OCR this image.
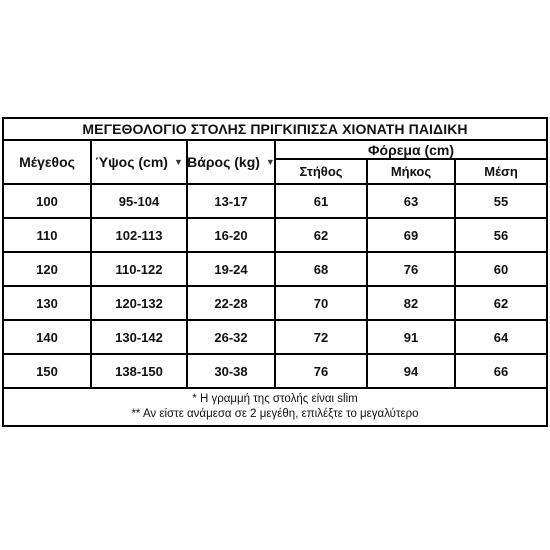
ΜΕΓΕΘΟΛΟΓΙΟ ΣΤΟΛΗΣ ΠΡΙΓΚΙΠΙΣΣΑ ΧΙΟΝΑΤΗ ΠΑΙΔΙΚΗ					
Μέγεθος	Ύψος (cm) ▼	Βάρος (kg) ▼	Φόρεμα (cm)		
			Στήθος	Μήκος	Μέση
100	95-104	13-17	61	63	55
110	102-113	16-20	62	69	56
120	110-122	19-24	68	76	60
130	120-132	22-28	70	82	62
140	130-142	26-32	72	91	64
150	138-150	30-38	76	94	66

* Η γραμμή της στολής είναι slim
** Αν είστε ανάμεσα σε 2 μεγέθη, επιλέξτε το μεγαλύτερο					
